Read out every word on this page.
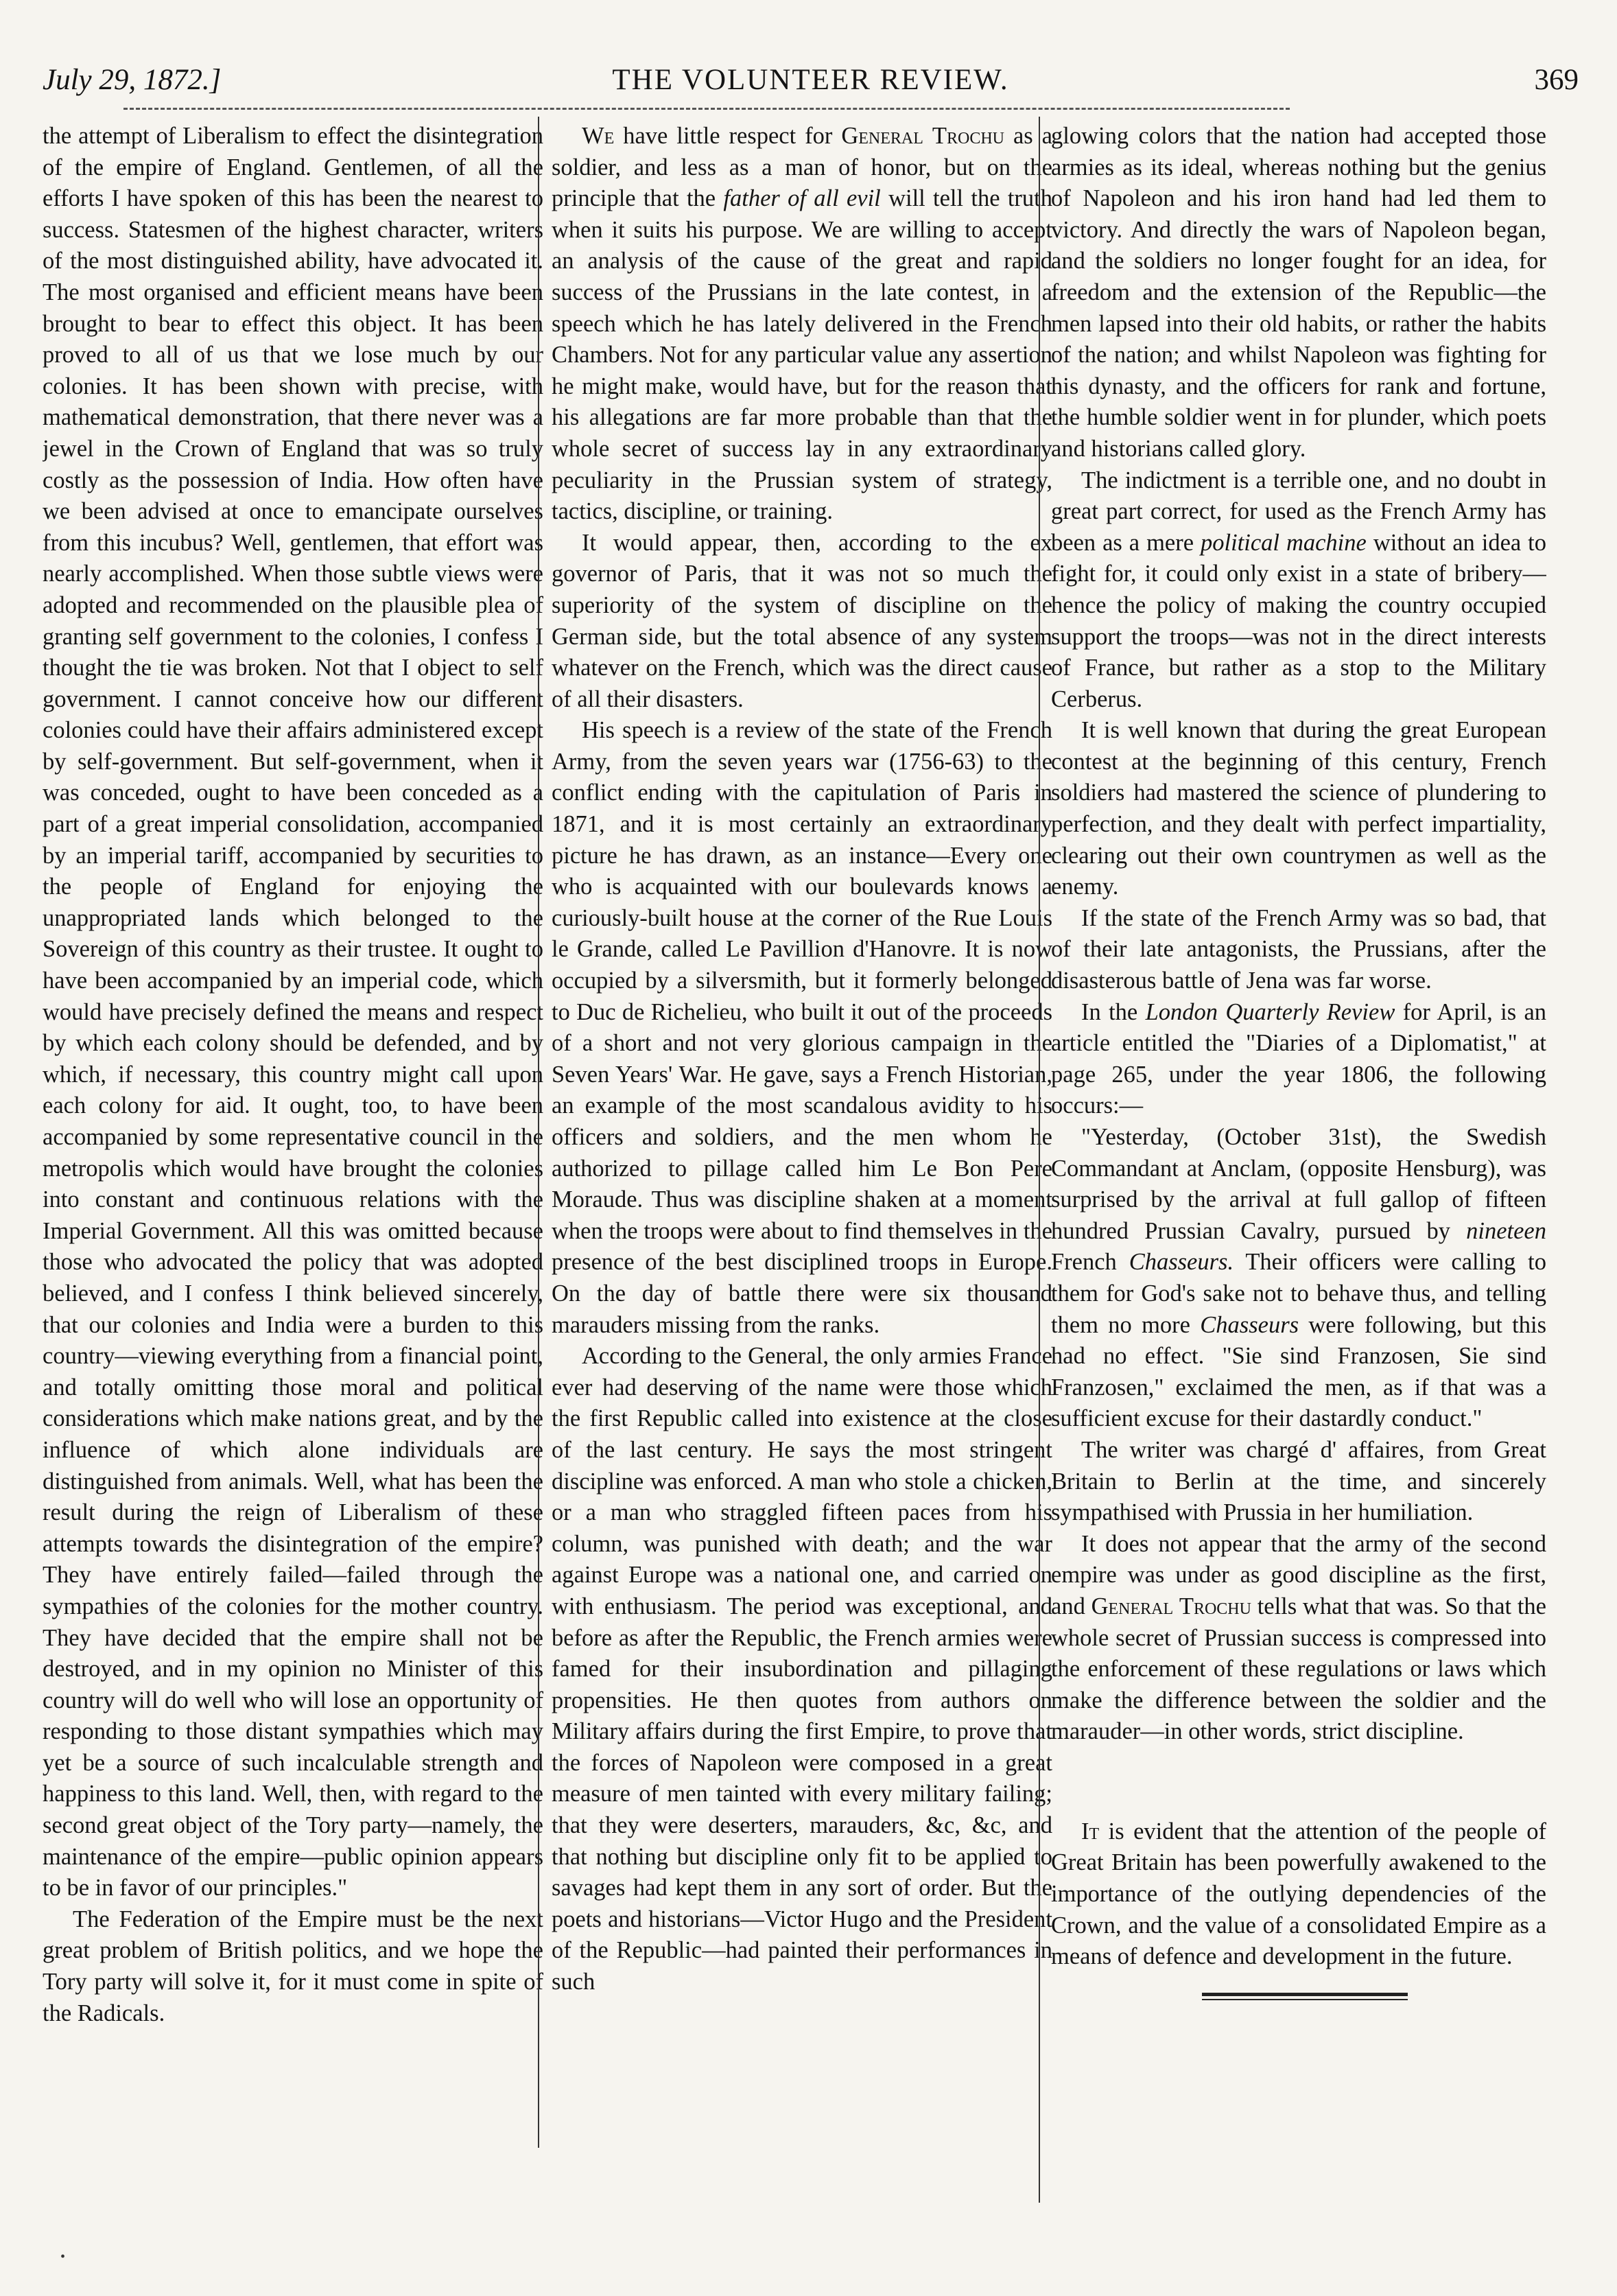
July 29, 1872.]	THE VOLUNTEER REVIEW.	369

the attempt of Liberalism to effect the disintegration of the empire of England. Gentlemen, of all the efforts I have spoken of this has been the nearest to success. Statesmen of the highest character, writers of the most distinguished ability, have advocated it. The most organised and efficient means have been brought to bear to effect this object. It has been proved to all of us that we lose much by our colonies. It has been shown with precise, with mathematical demonstration, that there never was a jewel in the Crown of England that was so truly costly as the possession of India. How often have we been advised at once to emancipate ourselves from this incubus? Well, gentlemen, that effort was nearly accomplished. When those subtle views were adopted and recommended on the plausible plea of granting self government to the colonies, I confess I thought the tie was broken. Not that I object to self government. I cannot conceive how our different colonies could have their affairs administered except by self-government. But self-government, when it was conceded, ought to have been conceded as a part of a great imperial consolidation, accompanied by an imperial tariff, accompanied by securities to the people of England for enjoying the unappropriated lands which belonged to the Sovereign of this country as their trustee. It ought to have been accompanied by an imperial code, which would have precisely defined the means and respect by which each colony should be defended, and by which, if necessary, this country might call upon each colony for aid. It ought, too, to have been accompanied by some representative council in the metropolis which would have brought the colonies into constant and continuous relations with the Imperial Government. All this was omitted because those who advocated the policy that was adopted believed, and I confess I think believed sincerely, that our colonies and India were a burden to this country—viewing everything from a financial point, and totally omitting those moral and political considerations which make nations great, and by the influence of which alone individuals are distinguished from animals. Well, what has been the result during the reign of Liberalism of these attempts towards the disintegration of the empire? They have entirely failed—failed through the sympathies of the colonies for the mother country. They have decided that the empire shall not be destroyed, and in my opinion no Minister of this country will do well who will lose an opportunity of responding to those distant sympathies which may yet be a source of such incalculable strength and happiness to this land. Well, then, with regard to the second great object of the Tory party—namely, the maintenance of the empire—public opinion appears to be in favor of our principles."

The Federation of the Empire must be the next great problem of British politics, and we hope the Tory party will solve it, for it must come in spite of the Radicals.

We have little respect for General Trochu as a soldier, and less as a man of honor, but on the principle that the father of all evil will tell the truth when it suits his purpose. We are willing to accept an analysis of the cause of the great and rapid success of the Prussians in the late contest, in a speech which he has lately delivered in the French Chambers. Not for any particular value any assertion he might make, would have, but for the reason that his allegations are far more probable than that the whole secret of success lay in any extraordinary peculiarity in the Prussian system of strategy, tactics, discipline, or training.

It would appear, then, according to the ex governor of Paris, that it was not so much the superiority of the system of discipline on the German side, but the total absence of any system whatever on the French, which was the direct cause of all their disasters.

His speech is a review of the state of the French Army, from the seven years war (1756-63) to the conflict ending with the capitulation of Paris in 1871, and it is most certainly an extraordinary picture he has drawn, as an instance—Every one who is acquainted with our boulevards knows a curiously-built house at the corner of the Rue Louis le Grande, called Le Pavillion d'Hanovre. It is now occupied by a silversmith, but it formerly belonged to Duc de Richelieu, who built it out of the proceeds of a short and not very glorious campaign in the Seven Years' War. He gave, says a French Historian, an example of the most scandalous avidity to his officers and soldiers, and the men whom he authorized to pillage called him Le Bon Pere Moraude. Thus was discipline shaken at a moment when the troops were about to find themselves in the presence of the best disciplined troops in Europe. On the day of battle there were six thousand marauders missing from the ranks.

According to the General, the only armies France ever had deserving of the name were those which the first Republic called into existence at the close of the last century. He says the most stringent discipline was enforced. A man who stole a chicken, or a man who straggled fifteen paces from his column, was punished with death; and the war against Europe was a national one, and carried on with enthusiasm. The period was exceptional, and before as after the Republic, the French armies were famed for their insubordination and pillaging propensities. He then quotes from authors on Military affairs during the first Empire, to prove that the forces of Napoleon were composed in a great measure of men tainted with every military failing; that they were deserters, marauders, &c, &c, and that nothing but discipline only fit to be applied to savages had kept them in any sort of order. But the poets and historians—Victor Hugo and the President of the Republic—had painted their performances in such

glowing colors that the nation had accepted those armies as its ideal, whereas nothing but the genius of Napoleon and his iron hand had led them to victory. And directly the wars of Napoleon began, and the soldiers no longer fought for an idea, for freedom and the extension of the Republic—the men lapsed into their old habits, or rather the habits of the nation; and whilst Napoleon was fighting for his dynasty, and the officers for rank and fortune, the humble soldier went in for plunder, which poets and historians called glory.

The indictment is a terrible one, and no doubt in great part correct, for used as the French Army has been as a mere political machine without an idea to fight for, it could only exist in a state of bribery—hence the policy of making the country occupied support the troops—was not in the direct interests of France, but rather as a stop to the Military Cerberus.

It is well known that during the great European contest at the beginning of this century, French soldiers had mastered the science of plundering to perfection, and they dealt with perfect impartiality, clearing out their own countrymen as well as the enemy.

If the state of the French Army was so bad, that of their late antagonists, the Prussians, after the disasterous battle of Jena was far worse.

In the London Quarterly Review for April, is an article entitled the "Diaries of a Diplomatist," at page 265, under the year 1806, the following occurs:—

"Yesterday, (October 31st), the Swedish Commandant at Anclam, (opposite Hensburg), was surprised by the arrival at full gallop of fifteen hundred Prussian Cavalry, pursued by nineteen French Chasseurs. Their officers were calling to them for God's sake not to behave thus, and telling them no more Chasseurs were following, but this had no effect. "Sie sind Franzosen, Sie sind Franzosen," exclaimed the men, as if that was a sufficient excuse for their dastardly conduct."

The writer was chargé d' affaires, from Great Britain to Berlin at the time, and sincerely sympathised with Prussia in her humiliation.

It does not appear that the army of the second empire was under as good discipline as the first, and General Trochu tells what that was. So that the whole secret of Prussian success is compressed into the enforcement of these regulations or laws which make the difference between the soldier and the marauder—in other words, strict discipline.

It is evident that the attention of the people of Great Britain has been powerfully awakened to the importance of the outlying dependencies of the Crown, and the value of a consolidated Empire as a means of defence and development in the future.

•
